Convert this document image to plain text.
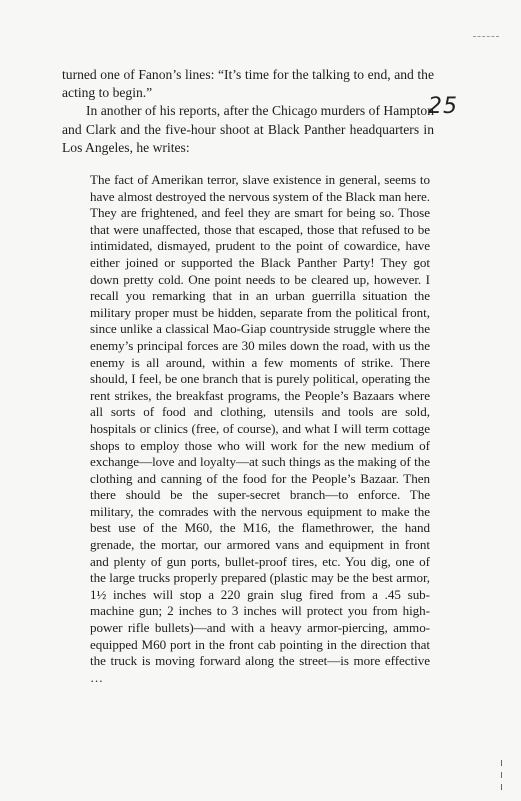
25

turned one of Fanon’s lines: “It’s time for the talking to end, and the acting to begin.”

In another of his reports, after the Chicago murders of Hampton and Clark and the five-hour shoot at Black Panther headquarters in Los Angeles, he writes:

The fact of Amerikan terror, slave existence in general, seems to have almost destroyed the nervous system of the Black man here. They are frightened, and feel they are smart for being so. Those that were unaffected, those that escaped, those that refused to be intimidated, dismayed, prudent to the point of cowardice, have either joined or supported the Black Panther Party! They got down pretty cold. One point needs to be cleared up, however. I recall you remarking that in an urban guerrilla situation the military proper must be hidden, separate from the political front, since unlike a classical Mao-Giap countryside struggle where the enemy’s principal forces are 30 miles down the road, with us the enemy is all around, within a few moments of strike. There should, I feel, be one branch that is purely political, operating the rent strikes, the breakfast programs, the People’s Bazaars where all sorts of food and clothing, utensils and tools are sold, hospitals or clinics (free, of course), and what I will term cottage shops to employ those who will work for the new medium of exchange—love and loyalty—at such things as the making of the clothing and canning of the food for the People’s Bazaar. Then there should be the super-secret branch—to enforce. The military, the comrades with the nervous equipment to make the best use of the M60, the M16, the flamethrower, the hand grenade, the mortar, our armored vans and equipment in front and plenty of gun ports, bullet-proof tires, etc. You dig, one of the large trucks properly prepared (plastic may be the best armor, 1½ inches will stop a 220 grain slug fired from a .45 sub-machine gun; 2 inches to 3 inches will protect you from high-power rifle bullets)—and with a heavy armor-piercing, ammo-equipped M60 port in the front cab pointing in the direction that the truck is moving forward along the street—is more effective …
